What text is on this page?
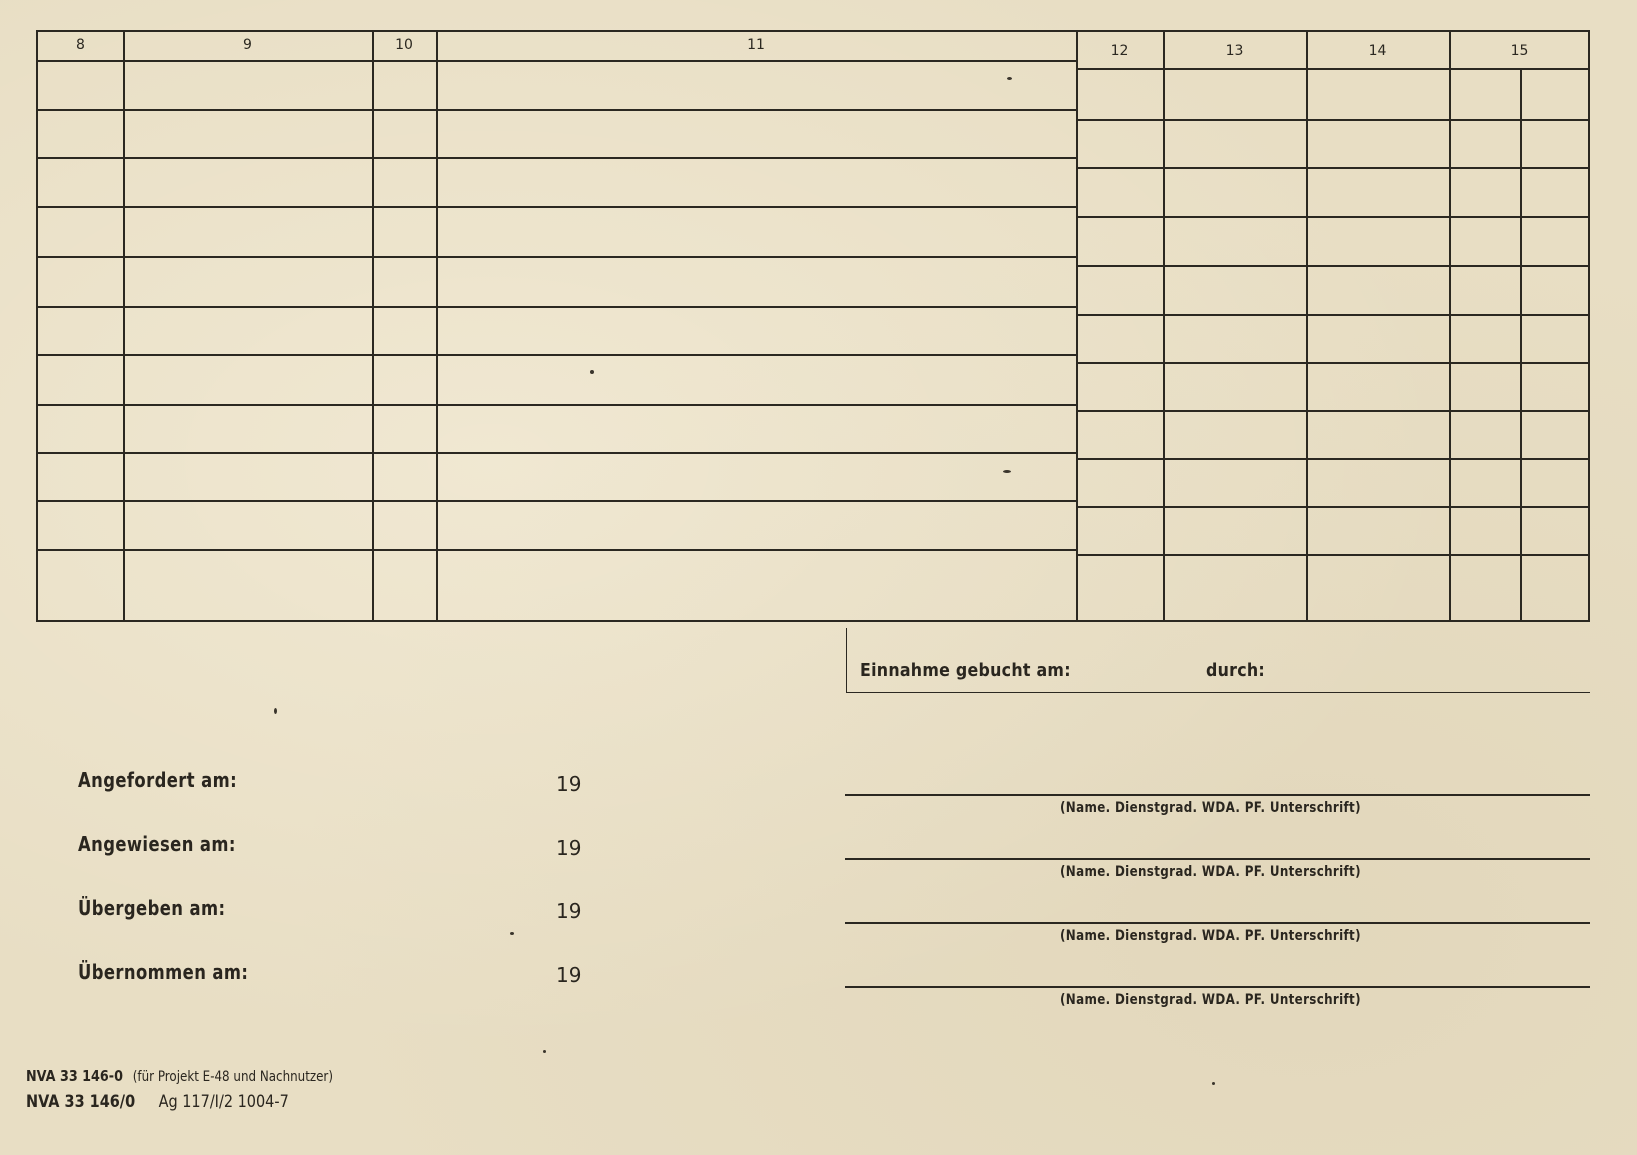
8	9	10	11	12	13	14	15
Einnahme gebucht am:	durch:
Angefordert am:	19
Angewiesen am:	19
Übergeben am:	19
Übernommen am:	19
(Name. Dienstgrad. WDA. PF. Unterschrift)
(Name. Dienstgrad. WDA. PF. Unterschrift)
(Name. Dienstgrad. WDA. PF. Unterschrift)
(Name. Dienstgrad. WDA. PF. Unterschrift)
NVA 33 146-0 (für Projekt E-48 und Nachnutzer)
NVA 33 146/0 Ag 117/I/2 1004-7
